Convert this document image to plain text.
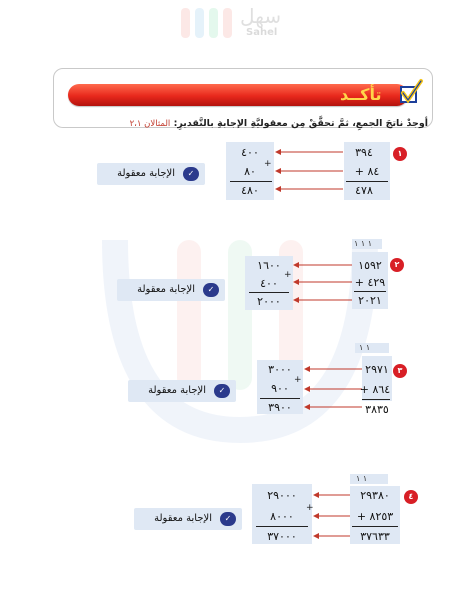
سهل
Sahel
تأكــد
أوجدْ ناتجَ الجمعِ، ثمَّ تحقَّقْ مِن معقوليَّةِ الإجابةِ بالتَّقديرِ: المثالان ٢،١
١
٣٩٤
٨٤ +
٤٧٨
٤٠٠
٨٠
+
٤٨٠
✓
الإجابة معقولة
١ ١ ١
٢
١٥٩٢
٤٢٩ +
٢٠٢١
١٦٠٠
٤٠٠
+
٢٠٠٠
✓
الإجابة معقولة
١ ١
٣
٢٩٧١
٨٦٤ +
٣٨٣٥
٣٠٠٠
٩٠٠
+
٣٩٠٠
✓
الإجابة معقولة
١ ١
٤
٢٩٣٨٠
٨٢٥٣ +
٣٧٦٣٣
٢٩٠٠٠
٨٠٠٠
+
٣٧٠٠٠
✓
الإجابة معقولة
